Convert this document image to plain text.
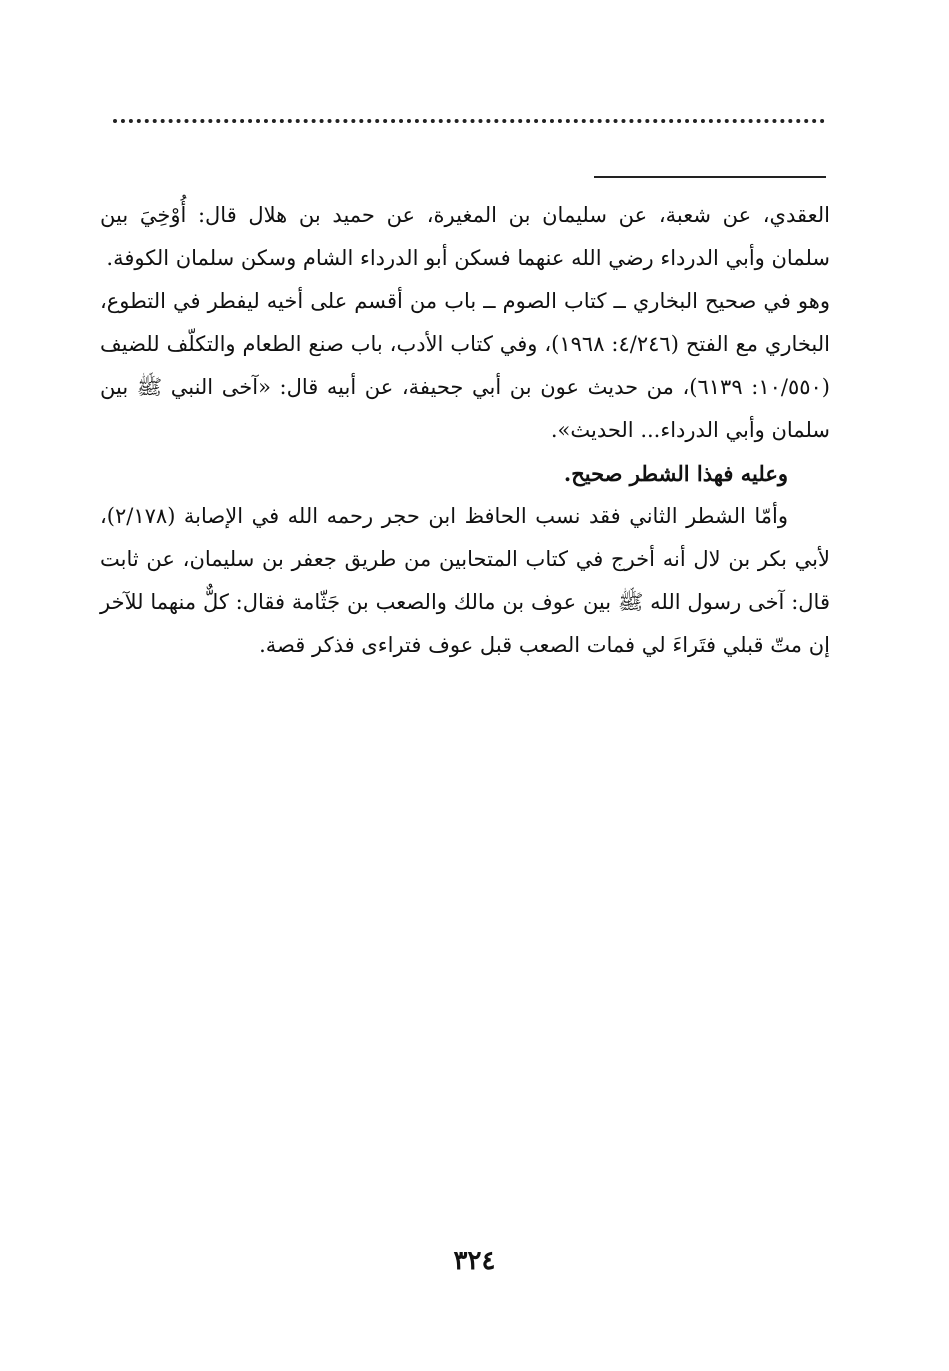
العقدي، عن شعبة، عن سليمان بن المغيرة، عن حميد بن هلال قال: أُوْخِيَ بين سلمان وأبي الدرداء رضي الله عنهما فسكن أبو الدرداء الشام وسكن سلمان الكوفة.

وهو في صحيح البخاري ــ كتاب الصوم ــ باب من أقسم على أخيه ليفطر في التطوع، البخاري مع الفتح (٤/٢٤٦: ١٩٦٨)، وفي كتاب الأدب، باب صنع الطعام والتكلّف للضيف (١٠/٥٥٠: ٦١٣٩)، من حديث عون بن أبي جحيفة، عن أبيه قال: «آخى النبي ﷺ بين سلمان وأبي الدرداء... الحديث».

وعليه فهذا الشطر صحيح.

وأمّا الشطر الثاني فقد نسب الحافظ ابن حجر رحمه الله في الإصابة (٢/١٧٨)، لأبي بكر بن لال أنه أخرج في كتاب المتحابين من طريق جعفر بن سليمان، عن ثابت قال: آخى رسول الله ﷺ بين عوف بن مالك والصعب بن جَثّامة فقال: كلٌّ منهما للآخر إن متّ قبلي فتَراءَ لي فمات الصعب قبل عوف فتراءى فذكر قصة.

٣٢٤
